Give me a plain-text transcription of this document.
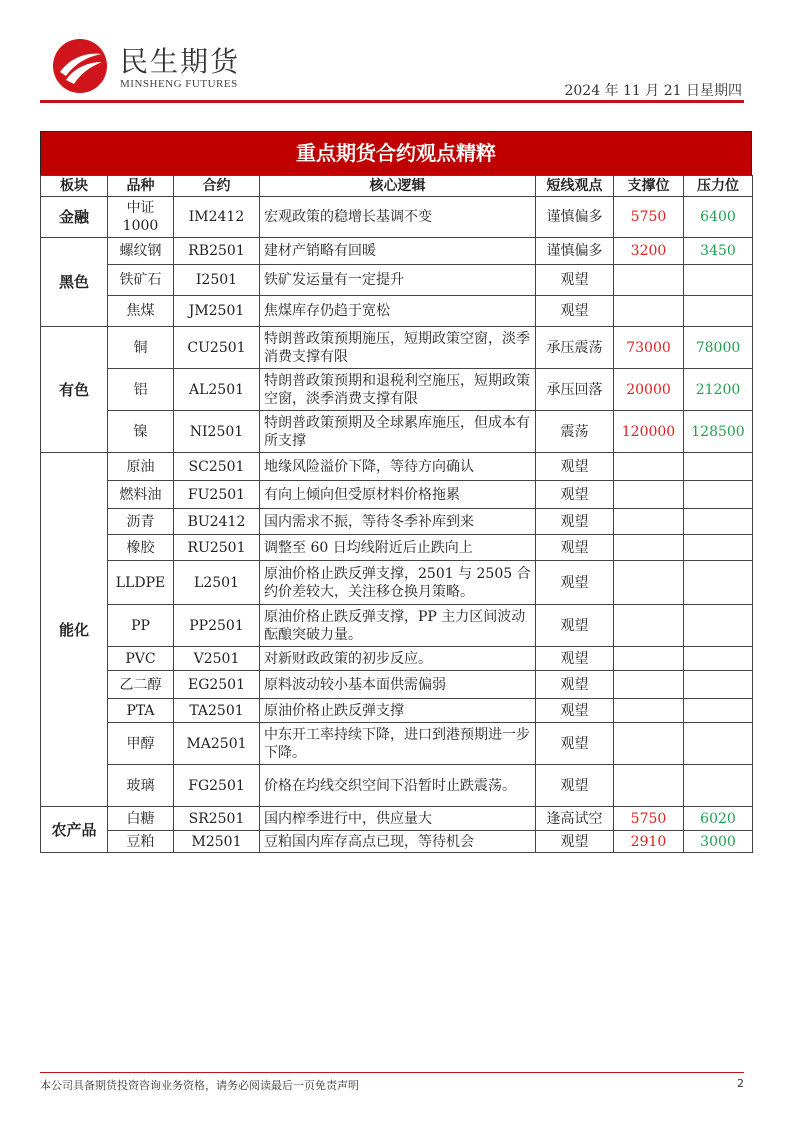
民生期货
MINSHENG FUTURES	2024 年 11 月 21 日星期四
重点期货合约观点精粹
板块	品种	合约	核心逻辑	短线观点	支撑位	压力位
金融	中证1000	IM2412	宏观政策的稳增长基调不变	谨慎偏多	5750	6400
黑色	螺纹钢	RB2501	建材产销略有回暖	谨慎偏多	3200	3450
	铁矿石	I2501	铁矿发运量有一定提升	观望		
	焦煤	JM2501	焦煤库存仍趋于宽松	观望		
有色	铜	CU2501	特朗普政策预期施压，短期政策空窗，淡季消费支撑有限	承压震荡	73000	78000
	铝	AL2501	特朗普政策预期和退税利空施压，短期政策空窗，淡季消费支撑有限	承压回落	20000	21200
	镍	NI2501	特朗普政策预期及全球累库施压，但成本有所支撑	震荡	120000	128500
能化	原油	SC2501	地缘风险溢价下降，等待方向确认	观望		
	燃料油	FU2501	有向上倾向但受原材料价格拖累	观望		
	沥青	BU2412	国内需求不振，等待冬季补库到来	观望		
	橡胶	RU2501	调整至 60 日均线附近后止跌向上	观望		
	LLDPE	L2501	原油价格止跌反弹支撑，2501 与 2505 合约价差较大，关注移仓换月策略。	观望		
	PP	PP2501	原油价格止跌反弹支撑，PP 主力区间波动酝酿突破力量。	观望		
	PVC	V2501	对新财政政策的初步反应。	观望		
	乙二醇	EG2501	原料波动较小基本面供需偏弱	观望		
	PTA	TA2501	原油价格止跌反弹支撑	观望		
	甲醇	MA2501	中东开工率持续下降，进口到港预期进一步下降。	观望		
	玻璃	FG2501	价格在均线交织空间下沿暂时止跌震荡。	观望		
农产品	白糖	SR2501	国内榨季进行中，供应量大	逢高试空	5750	6020
	豆粕	M2501	豆粕国内库存高点已现，等待机会	观望	2910	3000
本公司具备期货投资咨询业务资格，请务必阅读最后一页免责声明	2
